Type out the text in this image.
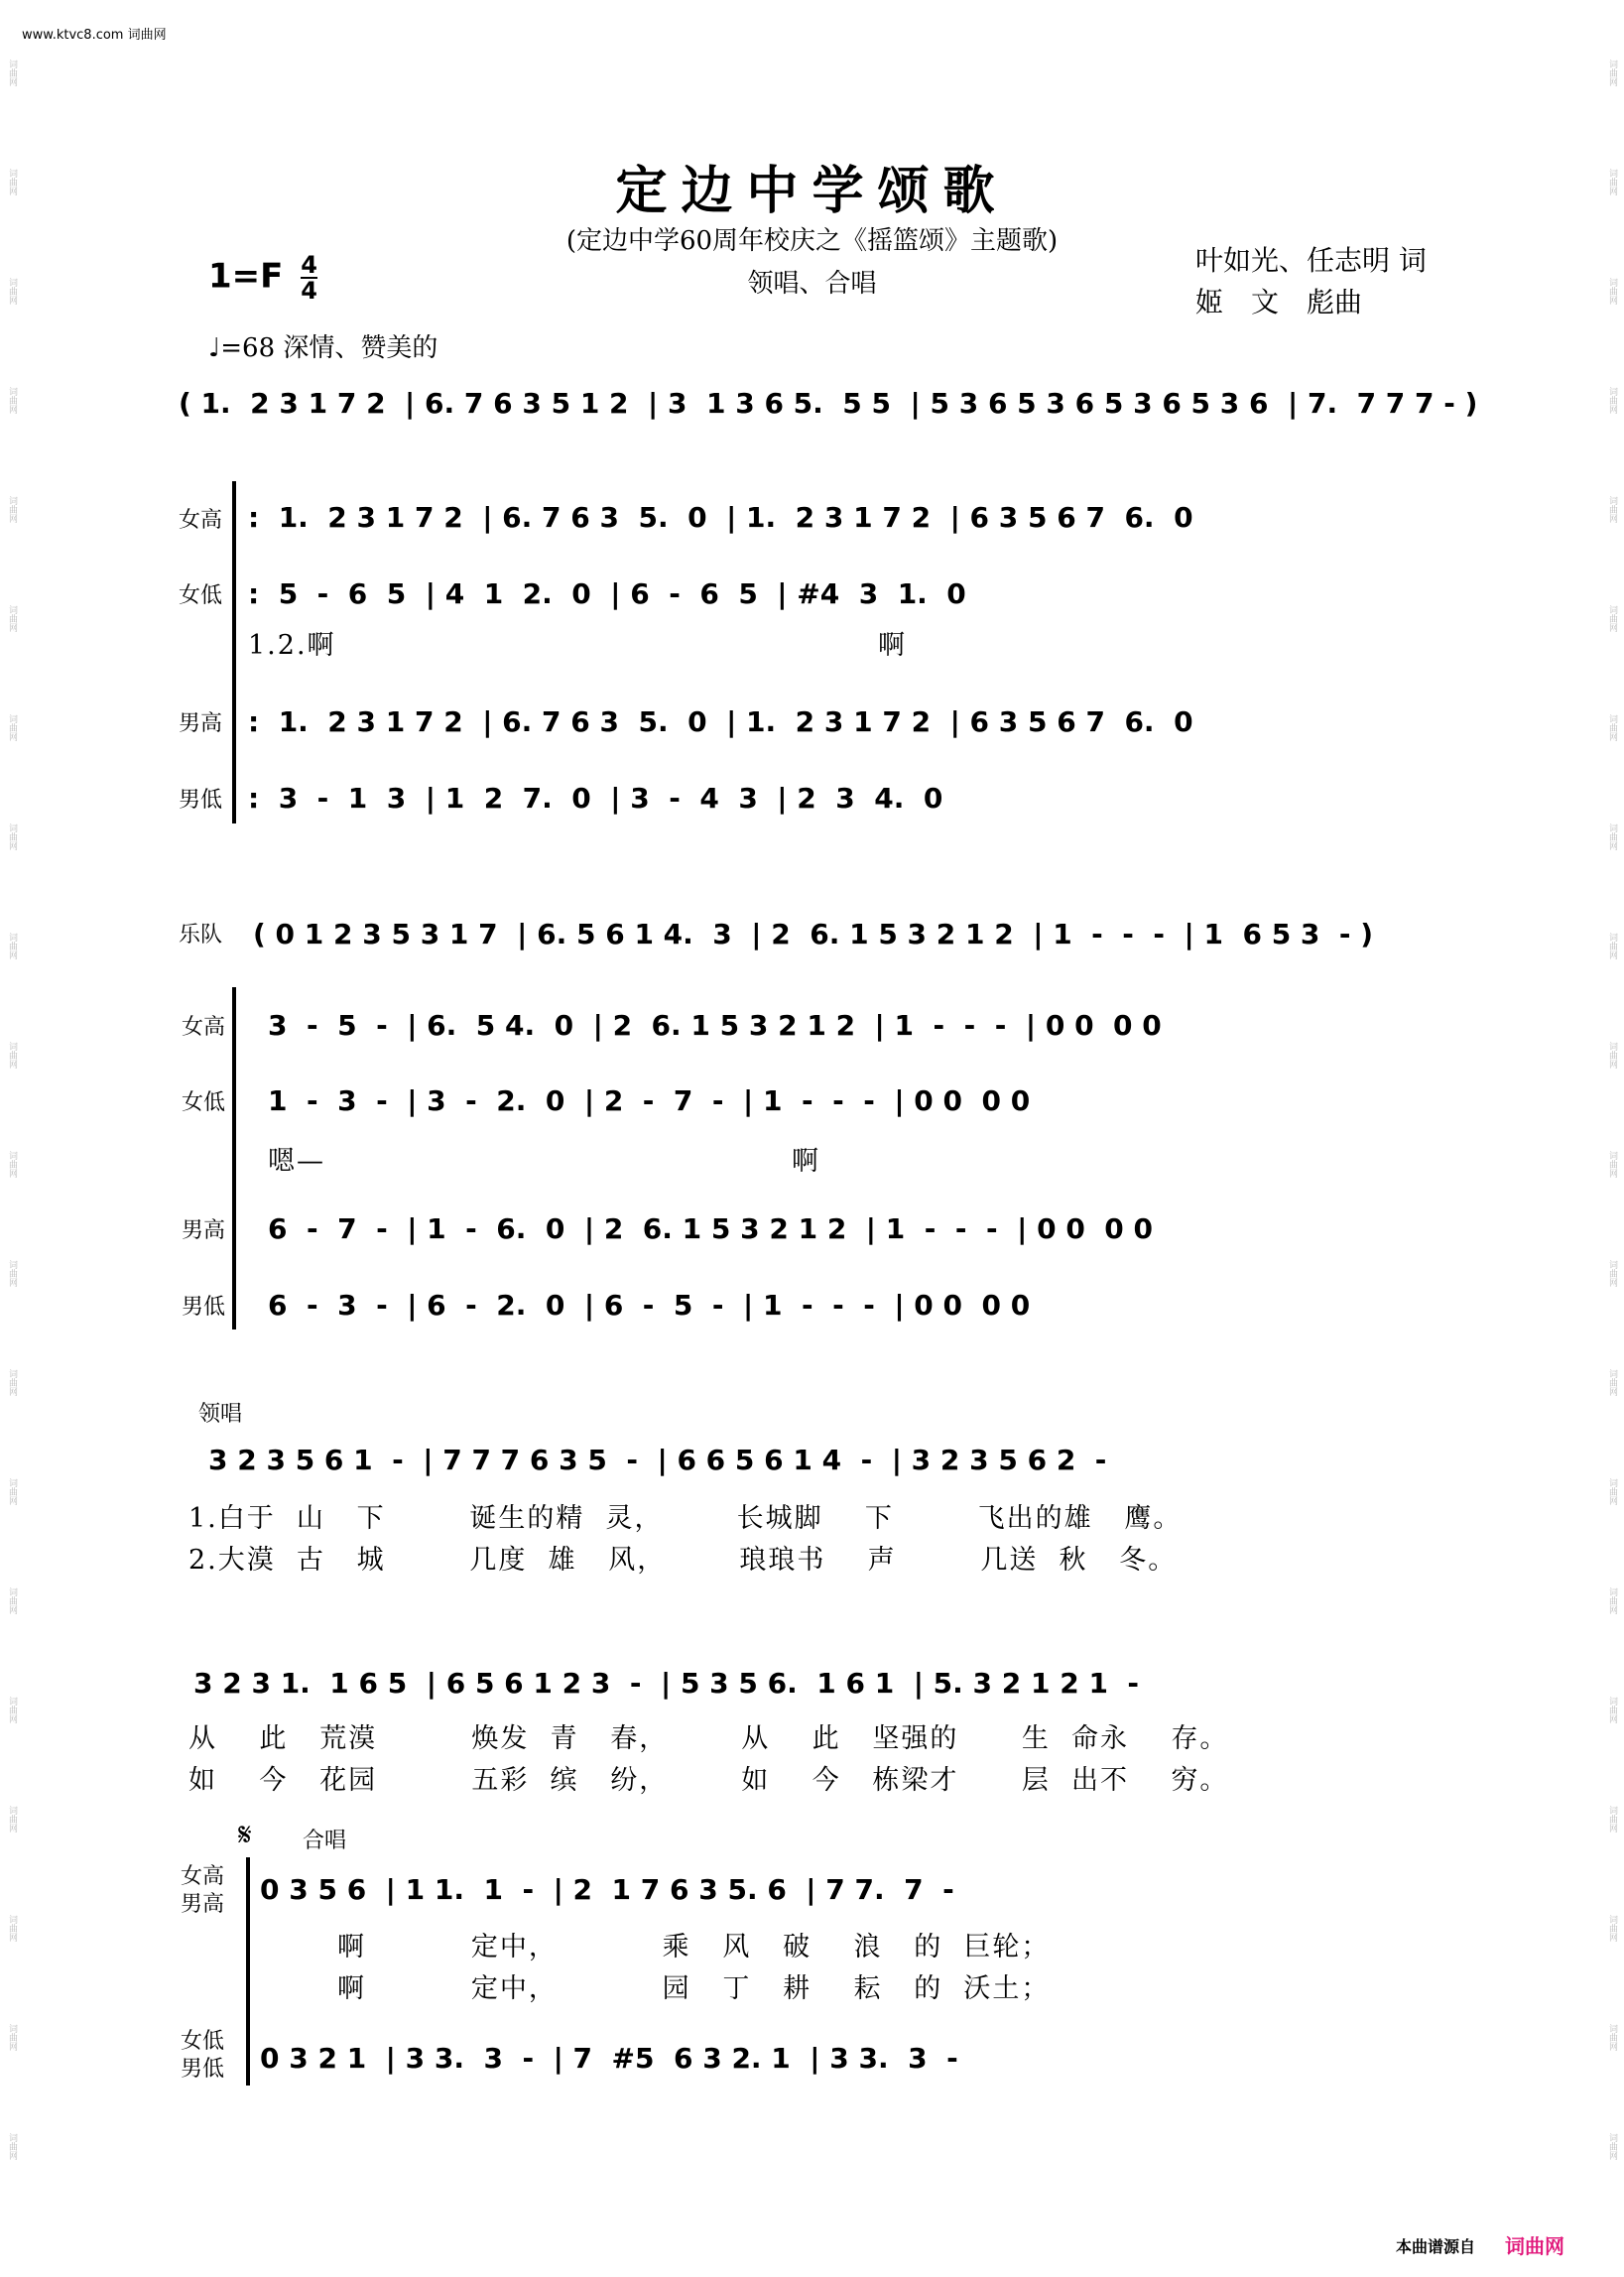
www.ktvc8.com 词曲网
词曲网
词曲网
词曲网
词曲网
词曲网
词曲网
词曲网
词曲网
词曲网
词曲网
词曲网
词曲网
词曲网
词曲网
词曲网
词曲网
词曲网
词曲网
词曲网
词曲网
词曲网
词曲网
词曲网
词曲网
词曲网
词曲网
词曲网
词曲网
词曲网
词曲网
词曲网
词曲网
词曲网
词曲网
词曲网
词曲网
词曲网
词曲网
词曲网
词曲网
定边中学颂歌
(定边中学60周年校庆之《摇篮颂》主题歌)
领唱、合唱
$1=F \frac{4}{4}$	叶如光、任志明 词
姬　文　彪曲
♩=68 深情、赞美的
( 1.  2 3 1 7 2  | 6. 7 6 3 5 1 2  | 3  1 3 6 5.  5 5  | 5 3 6 5 3 6 5 3 6 5 3 6  | 7.  7 7 7 - )
女高
女低
男高
男低
:  1.  2 3 1 7 2  | 6. 7 6 3  5.  0  | 1.  2 3 1 7 2  | 6 3 5 6 7  6.  0
:  5  -  6  5  | 4  1  2.  0  | 6  -  6  5  | #4  3  1.  0
1.2.啊	啊
:  1.  2 3 1 7 2  | 6. 7 6 3  5.  0  | 1.  2 3 1 7 2  | 6 3 5 6 7  6.  0
:  3  -  1  3  | 1  2  7.  0  | 3  -  4  3  | 2  3  4.  0
乐队 ( 0 1 2 3 5 3 1 7  | 6. 5 6 1 4.  3  | 2  6. 1 5 3 2 1 2  | 1  -  -  -  | 1  6 5 3  - )
女高
女低
男高
男低
3  -  5  -  | 6.  5 4.  0  | 2  6. 1 5 3 2 1 2  | 1  -  -  -  | 0 0  0 0
1  -  3  -  | 3  -  2.  0  | 2  -  7  -  | 1  -  -  -  | 0 0  0 0
嗯—	啊
6  -  7  -  | 1  -  6.  0  | 2  6. 1 5 3 2 1 2  | 1  -  -  -  | 0 0  0 0
6  -  3  -  | 6  -  2.  0  | 6  -  5  -  | 1  -  -  -  | 0 0  0 0
领唱
3 2 3 5 6 1  -  | 7 7 7 6 3 5  -  | 6 6 5 6 1 4  -  | 3 2 3 5 6 2  -
1.白于  山   下        诞生的精  灵，       长城脚    下        飞出的雄   鹰。
2.大漠  古   城        几度  雄   风，       琅琅书    声        几送  秋   冬。
3 2 3 1.  1 6 5  | 6 5 6 1 2 3  -  | 5 3 5 6.  1 6 1  | 5. 3 2 1 2 1  -
从    此   荒漠         焕发  青   春，       从    此   坚强的      生  命永    存。
如    今   花园         五彩  缤   纷，       如    今   栋梁才      层  出不    穷。
𝄋 合唱
女高
男高
女低
男低
0 3 5 6  | 1 1.  1  -  | 2  1 7 6 3 5. 6  | 7 7.  7  -
啊          定中，          乘   风   破    浪   的  巨轮；
啊          定中，          园   丁   耕    耘   的  沃土；
0 3 2 1  | 3 3.  3  -  | 7  #5  6 3 2. 1  | 3 3.  3  -
本曲谱源自 词曲网
